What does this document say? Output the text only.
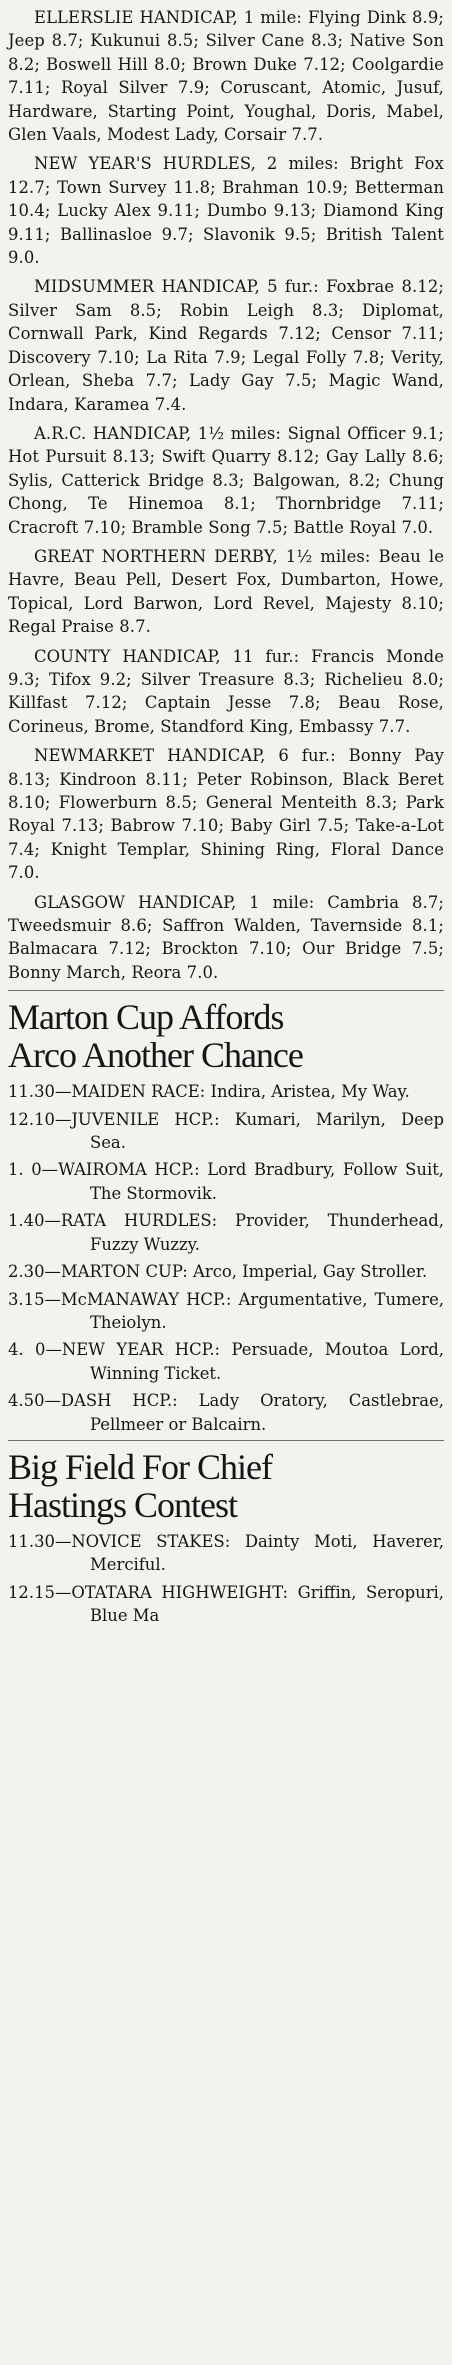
ELLERSLIE HANDICAP, 1 mile: Flying Dink 8.9; Jeep 8.7; Kukunui 8.5; Silver Cane 8.3; Native Son 8.2; Boswell Hill 8.0; Brown Duke 7.12; Coolgardie 7.11; Royal Silver 7.9; Coruscant, Atomic, Jusuf, Hardware, Starting Point, Youghal, Doris, Mabel, Glen Vaals, Modest Lady, Corsair 7.7.

NEW YEAR'S HURDLES, 2 miles: Bright Fox 12.7; Town Survey 11.8; Brahman 10.9; Betterman 10.4; Lucky Alex 9.11; Dumbo 9.13; Diamond King 9.11; Ballinasloe 9.7; Slavonik 9.5; British Talent 9.0.

MIDSUMMER HANDICAP, 5 fur.: Foxbrae 8.12; Silver Sam 8.5; Robin Leigh 8.3; Diplomat, Cornwall Park, Kind Regards 7.12; Censor 7.11; Discovery 7.10; La Rita 7.9; Legal Folly 7.8; Verity, Orlean, Sheba 7.7; Lady Gay 7.5; Magic Wand, Indara, Karamea 7.4.

A.R.C. HANDICAP, 1½ miles: Signal Officer 9.1; Hot Pursuit 8.13; Swift Quarry 8.12; Gay Lally 8.6; Sylis, Catterick Bridge 8.3; Balgowan, 8.2; Chung Chong, Te Hinemoa 8.1; Thornbridge 7.11; Cracroft 7.10; Bramble Song 7.5; Battle Royal 7.0.

GREAT NORTHERN DERBY, 1½ miles: Beau le Havre, Beau Pell, Desert Fox, Dumbarton, Howe, Topical, Lord Barwon, Lord Revel, Majesty 8.10; Regal Praise 8.7.

COUNTY HANDICAP, 11 fur.: Francis Monde 9.3; Tifox 9.2; Silver Treasure 8.3; Richelieu 8.0; Killfast 7.12; Captain Jesse 7.8; Beau Rose, Corineus, Brome, Standford King, Embassy 7.7.

NEWMARKET HANDICAP, 6 fur.: Bonny Pay 8.13; Kindroon 8.11; Peter Robinson, Black Beret 8.10; Flowerburn 8.5; General Menteith 8.3; Park Royal 7.13; Babrow 7.10; Baby Girl 7.5; Take-a-Lot 7.4; Knight Templar, Shining Ring, Floral Dance 7.0.

GLASGOW HANDICAP, 1 mile: Cambria 8.7; Tweedsmuir 8.6; Saffron Walden, Tavernside 8.1; Balmacara 7.12; Brockton 7.10; Our Bridge 7.5; Bonny March, Reora 7.0.

Marton Cup Affords
Arco Another Chance

11.30—MAIDEN RACE: Indira, Aristea, My Way.

12.10—JUVENILE HCP.: Kumari, Marilyn, Deep Sea.

1. 0—WAIROMA HCP.: Lord Bradbury, Follow Suit, The Stormovik.

1.40—RATA HURDLES: Provider, Thunderhead, Fuzzy Wuzzy.

2.30—MARTON CUP: Arco, Imperial, Gay Stroller.

3.15—McMANAWAY HCP.: Argumentative, Tumere, Theiolyn.

4. 0—NEW YEAR HCP.: Persuade, Moutoa Lord, Winning Ticket.

4.50—DASH HCP.: Lady Oratory, Castlebrae, Pellmeer or Balcairn.

Big Field For Chief
Hastings Contest

11.30—NOVICE STAKES: Dainty Moti, Haverer, Merciful.

12.15—OTATARA HIGHWEIGHT: Griffin, Seropuri, Blue Ma
